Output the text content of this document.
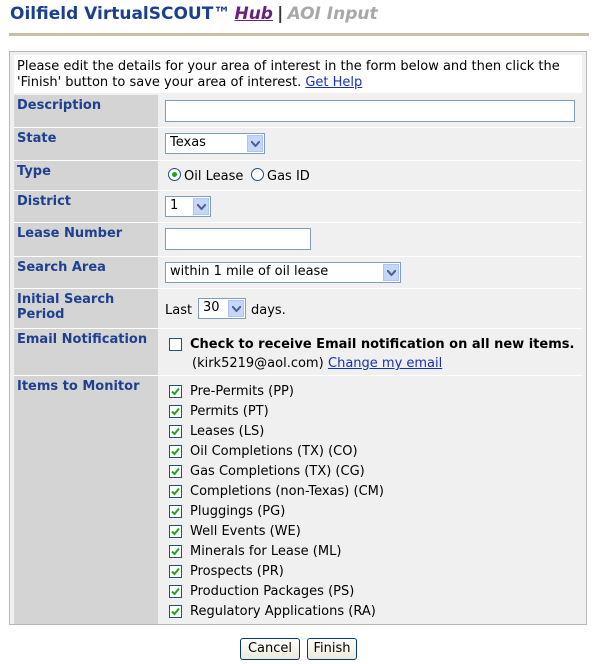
Oilfield VirtualSCOUT™ Hub | AOI Input
Please edit the details for your area of interest in the form below and then click the 'Finish' button to save your area of interest. Get Help
Description
State	Texas
Type	Oil Lease	Gas ID
District	1
Lease Number
Search Area	within 1 mile of oil lease
Initial Search Period	Last 30	days.
Email Notification	Check to receive Email notification on all new items.
(kirk5219@aol.com) Change my email
Items to Monitor	Pre-Permits (PP)
Permits (PT)
Leases (LS)
Oil Completions (TX) (CO)
Gas Completions (TX) (CG)
Completions (non-Texas) (CM)
Pluggings (PG)
Well Events (WE)
Minerals for Lease (ML)
Prospects (PR)
Production Packages (PS)
Regulatory Applications (RA)
Cancel	Finish
